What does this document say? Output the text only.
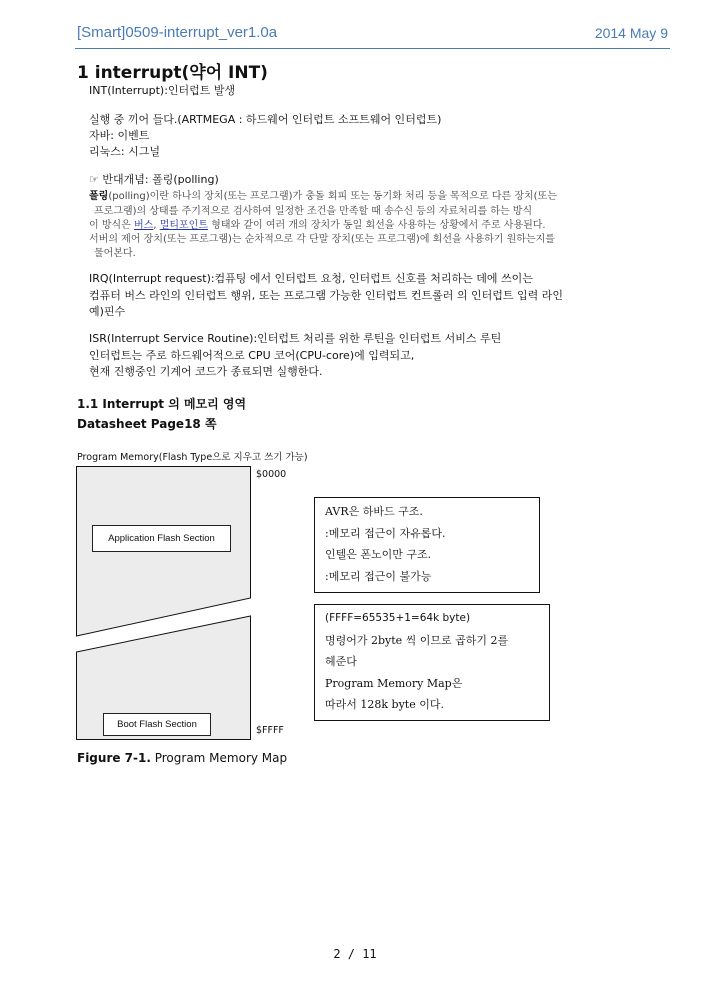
[Smart]0509-interrupt_ver1.0a	2014 May 9
1 interrupt(약어 INT)
INT(Interrupt):인터럽트 발생
실행 중 끼어 들다.(ARTMEGA : 하드웨어 인터럽트 소프트웨어 인터럽트)
자바: 이벤트
리눅스: 시그널
☞ 반대개념: 폴링(polling)
폴링(polling)이란 하나의 장치(또는 프로그램)가 충돌 회피 또는 동기화 처리 등을 목적으로 다른 장치(또는
프로그램)의 상태를 주기적으로 검사하여 일정한 조건을 만족할 때 송수신 등의 자료처리를 하는 방식
이 방식은 버스, 멀티포인트 형태와 같이 여러 개의 장치가 동일 회선을 사용하는 상황에서 주로 사용된다.
서버의 제어 장치(또는 프로그램)는 순차적으로 각 단말 장치(또는 프로그램)에 회선을 사용하기 원하는지를
물어본다.
IRQ(Interrupt request):컴퓨팅 에서 인터럽트 요청, 인터럽트 신호를 처리하는 데에 쓰이는
컴퓨터 버스 라인의 인터럽트 행위, 또는 프로그램 가능한 인터럽트 컨트롤러 의 인터럽트 입력 라인
예)핀수
ISR(Interrupt Service Routine):인터럽트 처리를 위한 루틴을 인터럽트 서비스 루틴
인터럽트는 주로 하드웨어적으로 CPU 코어(CPU-core)에 입력되고,
현재 진행중인 기계어 코드가 종료되면 실행한다.
1.1 Interrupt 의 메모리 영역
Datasheet Page18 쪽
Program Memory(Flash Type으로 지우고 쓰기 가능)
Application Flash Section
Boot Flash Section
$0000
$FFFF
AVR은 하바드 구조.
:메모리 접근이 자유롭다.
인텔은 폰노이만 구조.
:메모리 접근이 불가능
(FFFF=65535+1=64k byte)
명령어가 2byte 씩 이므로 곱하기 2를
헤준다
Program Memory Map은
따라서 128k byte 이다.
Figure 7-1. Program Memory Map
2 / 11
